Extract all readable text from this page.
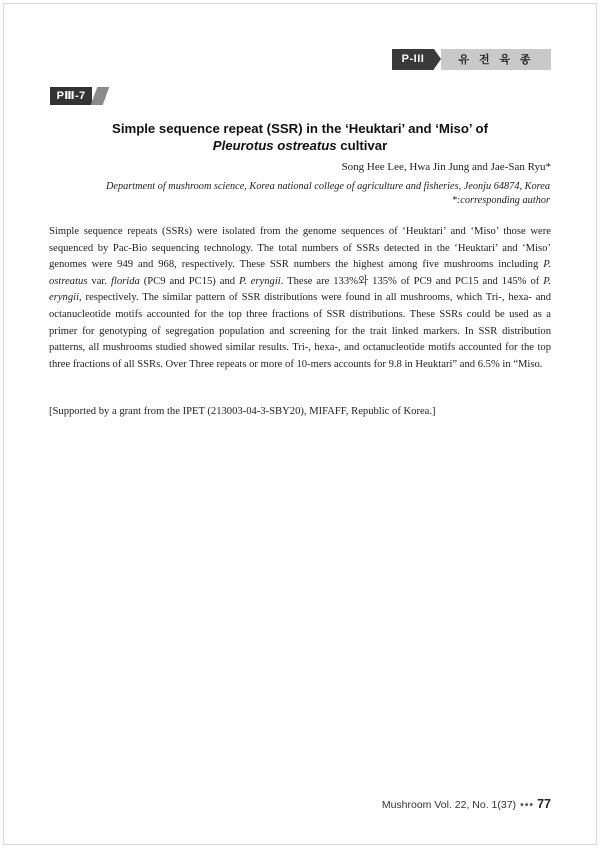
P-III	유 전 육 종
PⅢ-7
Simple sequence repeat (SSR) in the ‘Heuktari’ and ‘Miso’ of
Pleurotus ostreatus cultivar
Song Hee Lee, Hwa Jin Jung and Jae-San Ryu*
Department of mushroom science, Korea national college of agriculture and fisheries, Jeonju 64874, Korea
*:corresponding author
Simple sequence repeats (SSRs) were isolated from the genome sequences of ‘Heuktari’ and ‘Miso’ those were sequenced by Pac-Bio sequencing technology. The total numbers of SSRs detected in the ‘Heuktari’ and ‘Miso’ genomes were 949 and 968, respectively. These SSR numbers the highest among five mushrooms including P. ostreatus var. florida (PC9 and PC15) and P. eryngii. These are 133%와 135% of PC9 and PC15 and 145% of P. eryngii, respectively. The similar pattern of SSR distributions were found in all mushrooms, which Tri-, hexa- and octanucleotide motifs accounted for the top three fractions of SSR distributions. These SSRs could be used as a primer for genotyping of segregation population and screening for the trait linked markers. In SSR distribution patterns, all mushrooms studied showed similar results. Tri-, hexa-, and octanucleotide motifs accounted for the top three fractions of all SSRs. Over Three repeats or more of 10-mers accounts for 9.8 in Heuktari” and 6.5% in “Miso.
[Supported by a grant from the IPET (213003-04-3-SBY20), MIFAFF, Republic of Korea.]
Mushroom Vol. 22, No. 1(37) ••• 77
